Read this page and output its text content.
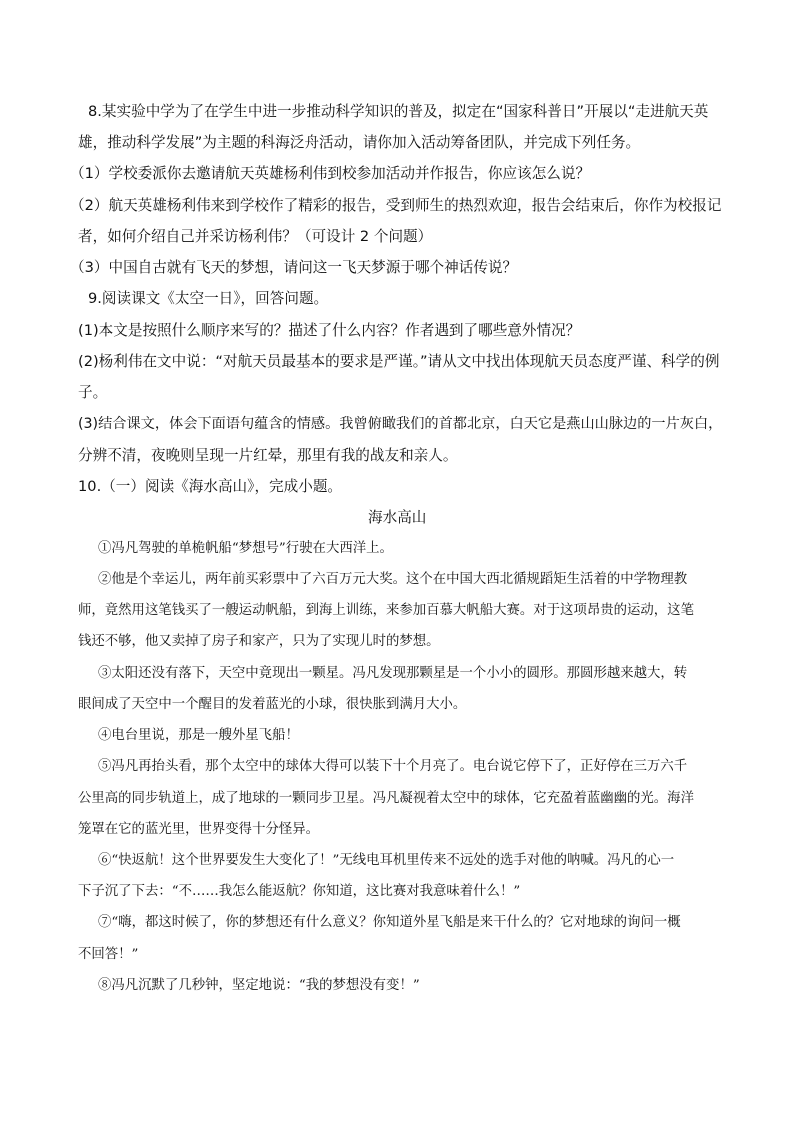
8.某实验中学为了在学生中进一步推动科学知识的普及，拟定在“国家科普日”开展以“走进航天英
雄，推动科学发展”为主题的科海泛舟活动，请你加入活动筹备团队，并完成下列任务。
（1）学校委派你去邀请航天英雄杨利伟到校参加活动并作报告，你应该怎么说？
（2）航天英雄杨利伟来到学校作了精彩的报告，受到师生的热烈欢迎，报告会结束后，你作为校报记
者，如何介绍自己并采访杨利伟？（可设计 2 个问题）
（3）中国自古就有飞天的梦想，请问这一飞天梦源于哪个神话传说？
9.阅读课文《太空一日》，回答问题。
(1)本文是按照什么顺序来写的？描述了什么内容？作者遇到了哪些意外情况？
(2)杨利伟在文中说：“对航天员最基本的要求是严谨。”请从文中找出体现航天员态度严谨、科学的例
子。
(3)结合课文，体会下面语句蕴含的情感。我曾俯瞰我们的首都北京，白天它是燕山山脉边的一片灰白，
分辨不清，夜晚则呈现一片红晕，那里有我的战友和亲人。
10.（一）阅读《海水高山》，完成小题。
海水高山
①冯凡驾驶的单桅帆船“梦想号”行驶在大西洋上。
②他是个幸运儿，两年前买彩票中了六百万元大奖。这个在中国大西北循规蹈矩生活着的中学物理教
师，竟然用这笔钱买了一艘运动帆船，到海上训练，来参加百慕大帆船大赛。对于这项昂贵的运动，这笔
钱还不够，他又卖掉了房子和家产，只为了实现儿时的梦想。
③太阳还没有落下，天空中竟现出一颗星。冯凡发现那颗星是一个小小的圆形。那圆形越来越大，转
眼间成了天空中一个醒目的发着蓝光的小球，很快胀到满月大小。
④电台里说，那是一艘外星飞船！
⑤冯凡再抬头看，那个太空中的球体大得可以装下十个月亮了。电台说它停下了，正好停在三万六千
公里高的同步轨道上，成了地球的一颗同步卫星。冯凡凝视着太空中的球体，它充盈着蓝幽幽的光。海洋
笼罩在它的蓝光里，世界变得十分怪异。
⑥“快返航！这个世界要发生大变化了！”无线电耳机里传来不远处的选手对他的呐喊。冯凡的心一
下子沉了下去：“不……我怎么能返航？你知道，这比赛对我意味着什么！”
⑦“嗨，都这时候了，你的梦想还有什么意义？你知道外星飞船是来干什么的？它对地球的询问一概
不回答！”
⑧冯凡沉默了几秒钟，坚定地说：“我的梦想没有变！”
